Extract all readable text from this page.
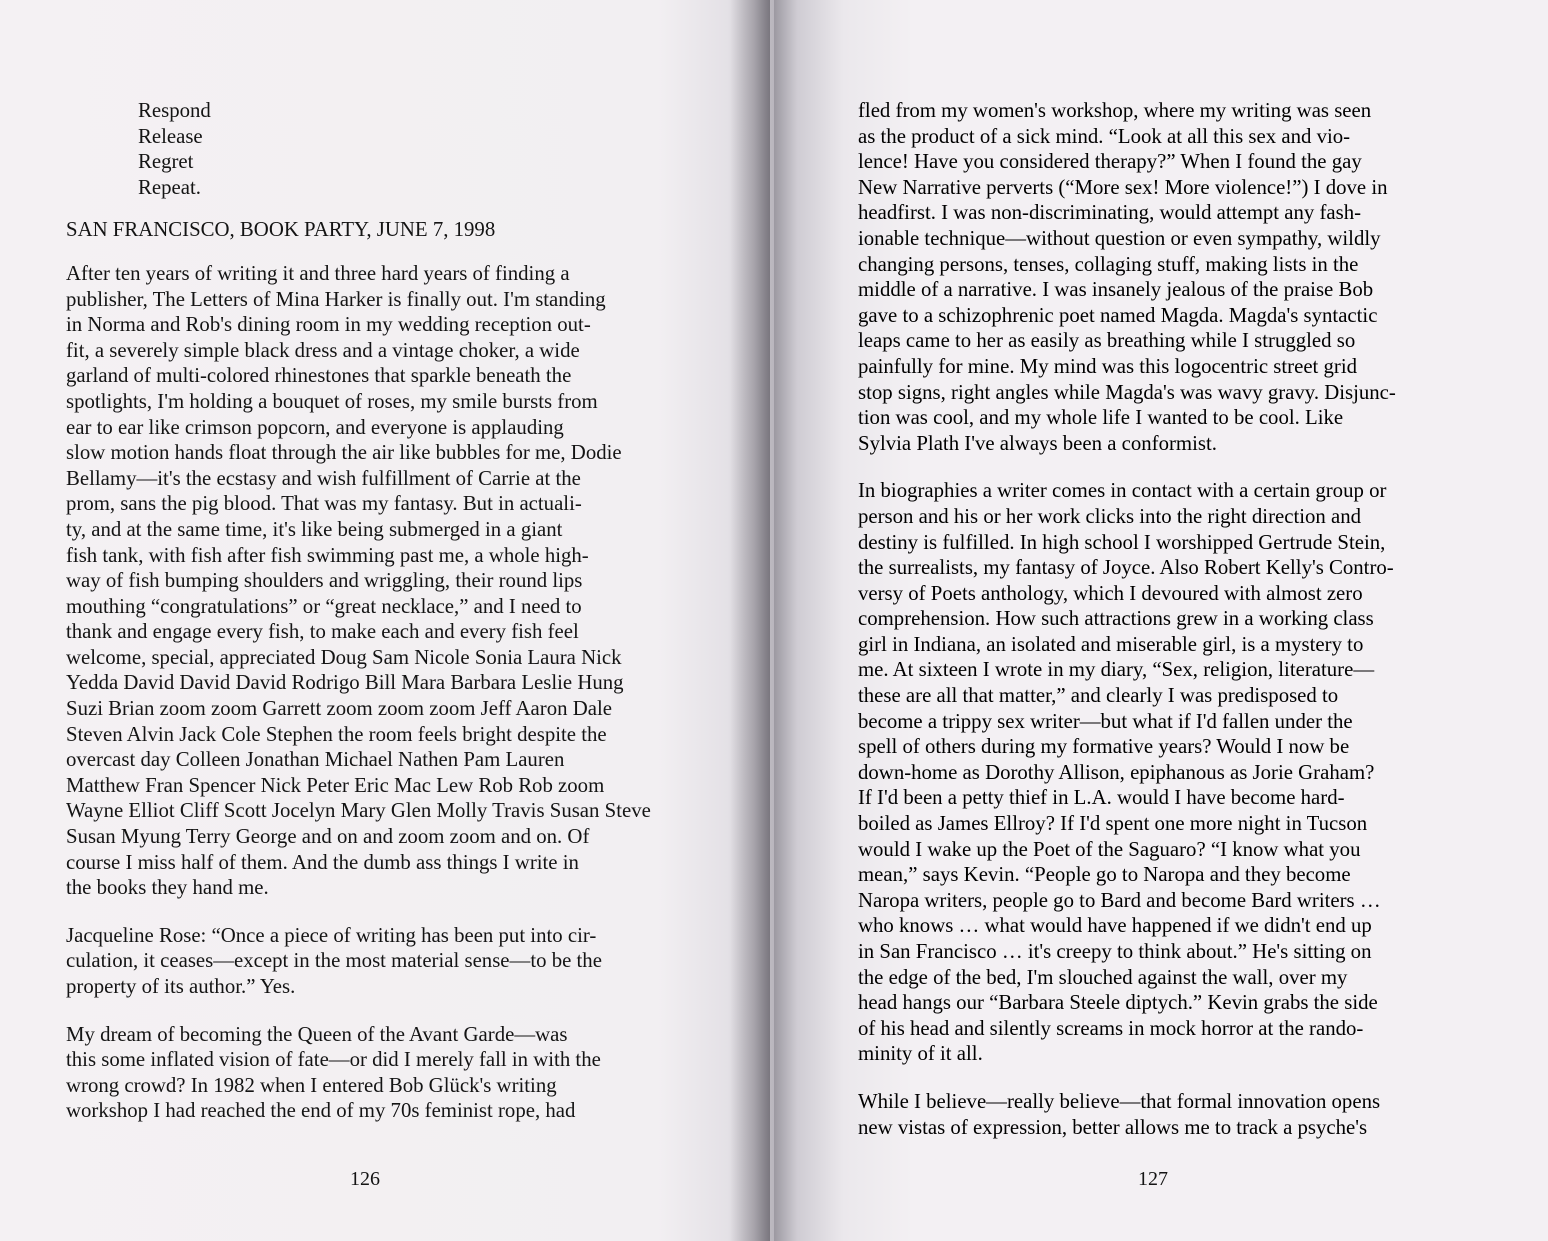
Respond
Release
Regret
Repeat.
SAN FRANCISCO, BOOK PARTY, JUNE 7, 1998
After ten years of writing it and three hard years of finding a
publisher, The Letters of Mina Harker is finally out. I'm standing
in Norma and Rob's dining room in my wedding reception out-
fit, a severely simple black dress and a vintage choker, a wide
garland of multi-colored rhinestones that sparkle beneath the
spotlights, I'm holding a bouquet of roses, my smile bursts from
ear to ear like crimson popcorn, and everyone is applauding
slow motion hands float through the air like bubbles for me, Dodie
Bellamy—it's the ecstasy and wish fulfillment of Carrie at the
prom, sans the pig blood. That was my fantasy. But in actuali-
ty, and at the same time, it's like being submerged in a giant
fish tank, with fish after fish swimming past me, a whole high-
way of fish bumping shoulders and wriggling, their round lips
mouthing “congratulations” or “great necklace,” and I need to
thank and engage every fish, to make each and every fish feel
welcome, special, appreciated Doug Sam Nicole Sonia Laura Nick
Yedda David David David Rodrigo Bill Mara Barbara Leslie Hung
Suzi Brian zoom zoom Garrett zoom zoom zoom Jeff Aaron Dale
Steven Alvin Jack Cole Stephen the room feels bright despite the
overcast day Colleen Jonathan Michael Nathen Pam Lauren
Matthew Fran Spencer Nick Peter Eric Mac Lew Rob Rob zoom
Wayne Elliot Cliff Scott Jocelyn Mary Glen Molly Travis Susan Steve
Susan Myung Terry George and on and zoom zoom and on. Of
course I miss half of them. And the dumb ass things I write in
the books they hand me.
Jacqueline Rose: “Once a piece of writing has been put into cir-
culation, it ceases—except in the most material sense—to be the
property of its author.” Yes.
My dream of becoming the Queen of the Avant Garde—was
this some inflated vision of fate—or did I merely fall in with the
wrong crowd? In 1982 when I entered Bob Glück's writing
workshop I had reached the end of my 70s feminist rope, had
126	127
fled from my women's workshop, where my writing was seen
as the product of a sick mind. “Look at all this sex and vio-
lence! Have you considered therapy?” When I found the gay
New Narrative perverts (“More sex! More violence!”) I dove in
headfirst. I was non-discriminating, would attempt any fash-
ionable technique—without question or even sympathy, wildly
changing persons, tenses, collaging stuff, making lists in the
middle of a narrative. I was insanely jealous of the praise Bob
gave to a schizophrenic poet named Magda. Magda's syntactic
leaps came to her as easily as breathing while I struggled so
painfully for mine. My mind was this logocentric street grid
stop signs, right angles while Magda's was wavy gravy. Disjunc-
tion was cool, and my whole life I wanted to be cool. Like
Sylvia Plath I've always been a conformist.
In biographies a writer comes in contact with a certain group or
person and his or her work clicks into the right direction and
destiny is fulfilled. In high school I worshipped Gertrude Stein,
the surrealists, my fantasy of Joyce. Also Robert Kelly's Contro-
versy of Poets anthology, which I devoured with almost zero
comprehension. How such attractions grew in a working class
girl in Indiana, an isolated and miserable girl, is a mystery to
me. At sixteen I wrote in my diary, “Sex, religion, literature—
these are all that matter,” and clearly I was predisposed to
become a trippy sex writer—but what if I'd fallen under the
spell of others during my formative years? Would I now be
down-home as Dorothy Allison, epiphanous as Jorie Graham?
If I'd been a petty thief in L.A. would I have become hard-
boiled as James Ellroy? If I'd spent one more night in Tucson
would I wake up the Poet of the Saguaro? “I know what you
mean,” says Kevin. “People go to Naropa and they become
Naropa writers, people go to Bard and become Bard writers …
who knows … what would have happened if we didn't end up
in San Francisco … it's creepy to think about.” He's sitting on
the edge of the bed, I'm slouched against the wall, over my
head hangs our “Barbara Steele diptych.” Kevin grabs the side
of his head and silently screams in mock horror at the rando-
minity of it all.
While I believe—really believe—that formal innovation opens
new vistas of expression, better allows me to track a psyche's
